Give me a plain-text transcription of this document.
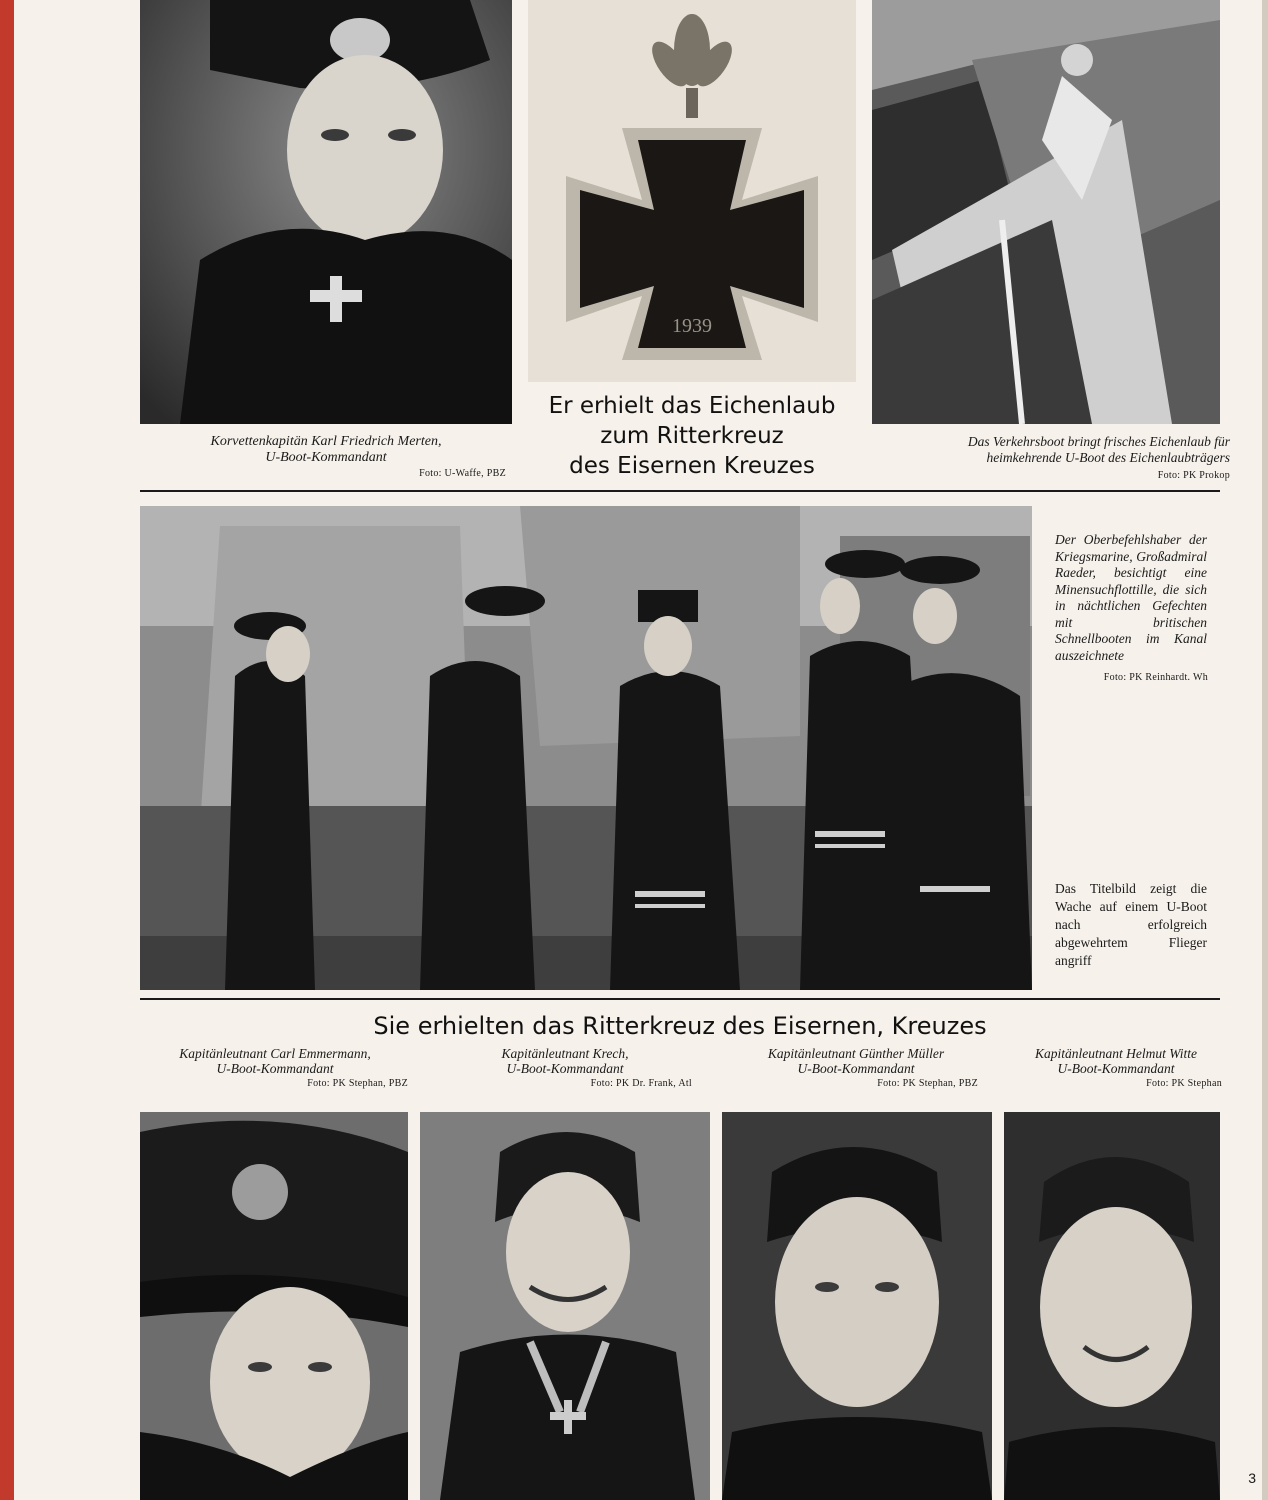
1939
Korvettenkapitän Karl Friedrich Merten,
U-Boot-Kommandant
Foto: U-Waffe, PBZ
Er erhielt das Eichenlaub
zum Ritterkreuz
des Eisernen Kreuzes
Das Verkehrsboot bringt frisches Eichenlaub für
heimkehrende U-Boot des Eichenlaubträgers
Foto: PK Prokop
Der Oberbefehlshaber der Kriegsmarine, Großadmiral Raeder, besichtigt eine Minensuchflottille, die sich in nächtlichen Gefechten mit britischen Schnellbooten im Kanal auszeichnete
Foto: PK Reinhardt. Wh
Das Titelbild zeigt die Wache auf einem U-Boot nach erfolgreich abgewehrtem Flieger angriff
Sie erhielten das Ritterkreuz des Eisernen, Kreuzes
Kapitänleutnant Carl Emmermann,
U-Boot-Kommandant
Foto: PK Stephan, PBZ
Kapitänleutnant Krech,
U-Boot-Kommandant
Foto: PK Dr. Frank, Atl
Kapitänleutnant Günther Müller
U-Boot-Kommandant
Foto: PK Stephan, PBZ
Kapitänleutnant Helmut Witte
U-Boot-Kommandant
Foto: PK Stephan
3
